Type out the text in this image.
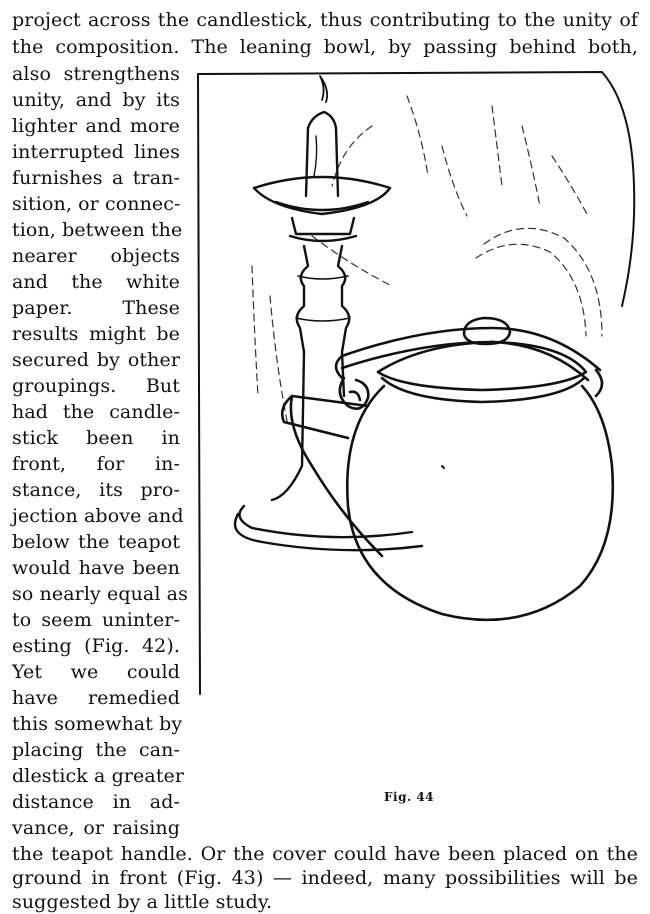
project across the candlestick, thus contributing to the unity of
the composition. The leaning bowl, by passing behind both,
also strengthens
unity, and by its
lighter and more
interrupted lines
furnishes a tran-
sition, or connec-
tion, between the
nearer objects
and the white
paper. These
results might be
secured by other
groupings. But
had the candle-
stick been in
front, for in-
stance, its pro-
jection above and
below the teapot
would have been
so nearly equal as
to seem uninter-
esting (Fig. 42).
Yet we could
have remedied
this somewhat by
placing the can-
dlestick a greater
distance in ad-
vance, or raising
the teapot handle. Or the cover could have been placed on the
ground in front (Fig. 43) — indeed, many possibilities will be
suggested by a little study.
Fig. 44
